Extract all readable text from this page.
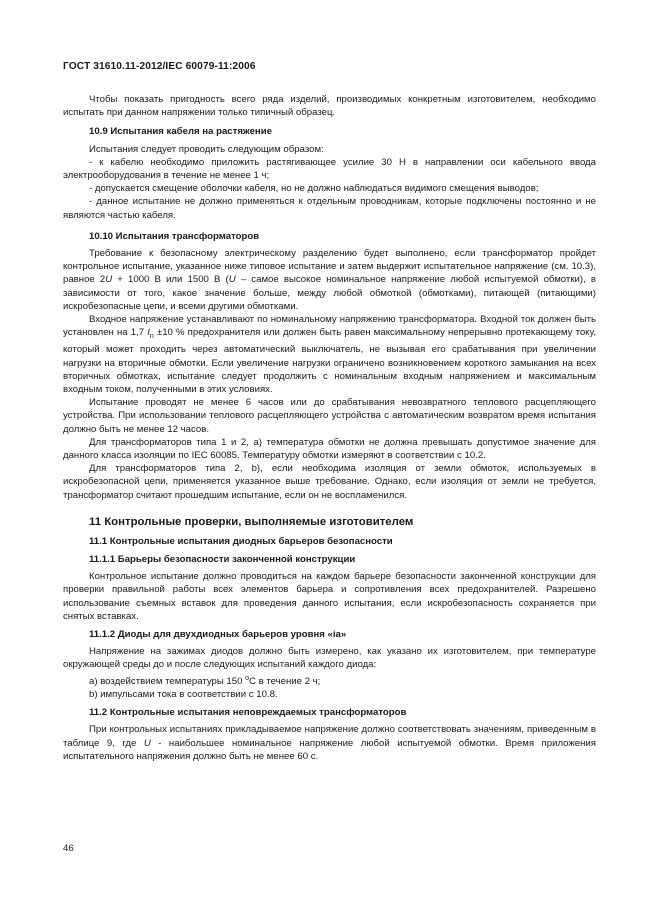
ГОСТ 31610.11-2012/IEC 60079-11:2006

Чтобы показать пригодность всего ряда изделий, производимых конкретным изготовителем, необходимо испытать при данном напряжении только типичный образец.

10.9 Испытания кабеля на растяжение

Испытания следует проводить следующим образом:

- к кабелю необходимо приложить растягивающее усилие 30 Н в направлении оси кабельного ввода электрооборудования в течение не менее 1 ч;

- допускается смещение оболочки кабеля, но не должно наблюдаться видимого смещения выводов;

- данное испытание не должно применяться к отдельным проводникам, которые подключены постоянно и не являются частью кабеля.

10.10 Испытания трансформаторов

Требование к безопасному электрическому разделению будет выполнено, если трансформатор пройдет контрольное испытание, указанное ниже типовое испытание и затем выдержит испытательное напряжение (см. 10.3), равное 2U + 1000 В или 1500 В (U – самое высокое номинальное напряжение любой испытуемой обмотки), в зависимости от того, какое значение больше, между любой обмоткой (обмотками), питающей (питающими) искробезопасные цепи, и всеми другими обмотками.

Входное напряжение устанавливают по номинальному напряжению трансформатора. Входной ток должен быть установлен на 1,7 $I_n \pm 10$ % предохранителя или должен быть равен максимальному непрерывно протекающему току, который может проходить через автоматический выключатель, не вызывая его срабатывания при увеличении нагрузки на вторичные обмотки. Если увеличение нагрузки ограничено возникновением короткого замыкания на всех вторичных обмотках, испытание следует продолжить с номинальным входным напряжением и максимальным входным током, полученными в этих условиях.

Испытание проводят не менее 6 часов или до срабатывания невозвратного теплового расцепляющего устройства. При использовании теплового расцепляющего устройства с автоматическим возвратом время испытания должно быть не менее 12 часов.

Для трансформаторов типа 1 и 2, а) температура обмотки не должна превышать допустимое значение для данного класса изоляции по IEC 60085. Температуру обмотки измеряют в соответствии с 10.2.

Для трансформаторов типа 2, b), если необходима изоляция от земли обмоток, используемых в искробезопасной цепи, применяется указанное выше требование. Однако, если изоляция от земли не требуется, трансформатор считают прошедшим испытание, если он не воспламенился.

11 Контрольные проверки, выполняемые изготовителем

11.1 Контрольные испытания диодных барьеров безопасности

11.1.1 Барьеры безопасности законченной конструкции

Контрольное испытание должно проводиться на каждом барьере безопасности законченной конструкции для проверки правильной работы всех элементов барьера и сопротивления всех предохранителей. Разрешено использование съемных вставок для проведения данного испытания, если искробезопасность сохраняется при снятых вставках.

11.1.2 Диоды для двухдиодных барьеров уровня «ia»

Напряжение на зажимах диодов должно быть измерено, как указано их изготовителем, при температуре окружающей среды до и после следующих испытаний каждого диода:

а) воздействием температуры 150 $^о$С в течение 2 ч;

b) импульсами тока в соответствии с 10.8.

11.2 Контрольные испытания неповреждаемых трансформаторов

При контрольных испытаниях прикладываемое напряжение должно соответствовать значениям, приведенным в таблице 9, где U - наибольшее номинальное напряжение любой испытуемой обмотки. Время приложения испытательного напряжения должно быть не менее 60 с.

46
